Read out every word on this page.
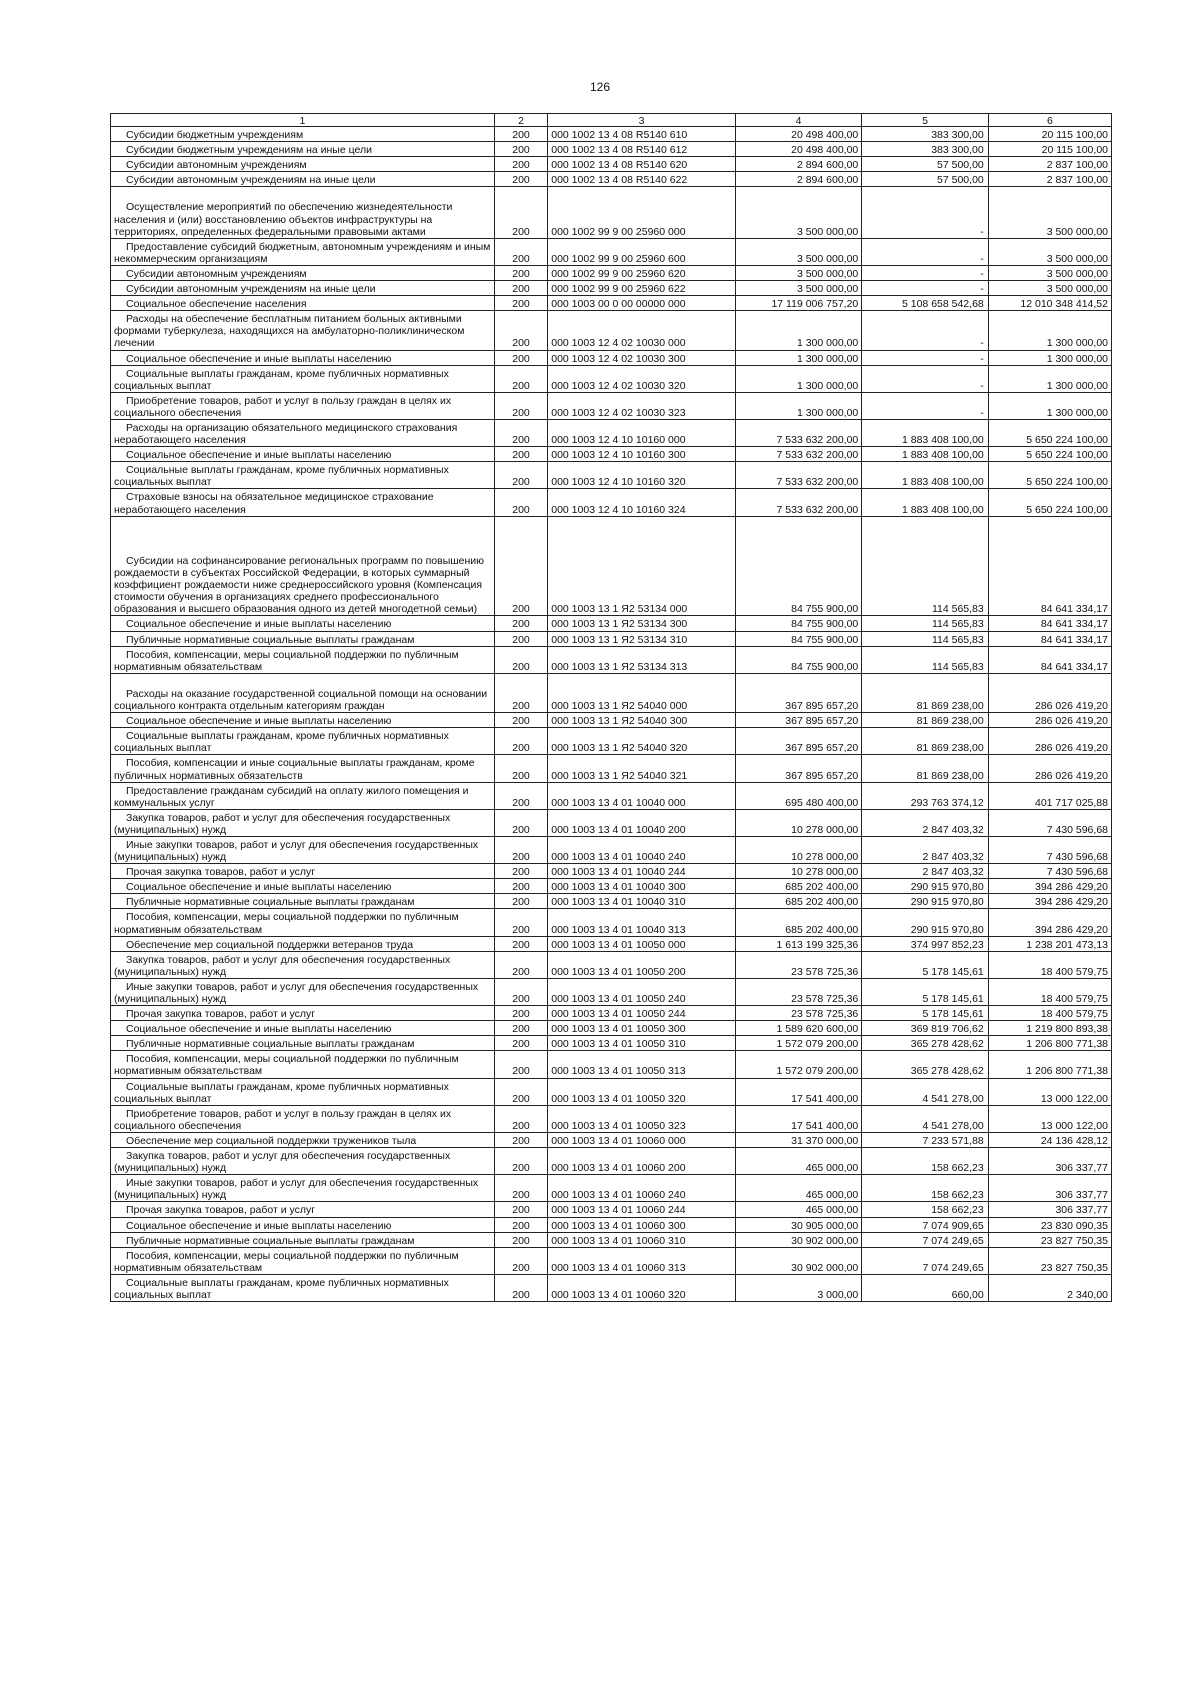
126
1	2	3	4	5	6
Субсидии бюджетным учреждениям	200	000 1002 13 4 08 R5140 610	20 498 400,00	383 300,00	20 115 100,00
Субсидии бюджетным учреждениям на иные цели	200	000 1002 13 4 08 R5140 612	20 498 400,00	383 300,00	20 115 100,00
Субсидии автономным учреждениям	200	000 1002 13 4 08 R5140 620	2 894 600,00	57 500,00	2 837 100,00
Субсидии автономным учреждениям на иные цели	200	000 1002 13 4 08 R5140 622	2 894 600,00	57 500,00	2 837 100,00
Осуществление мероприятий по обеспечению жизнедеятельности населения и (или) восстановлению объектов инфраструктуры на территориях, определенных федеральными правовыми актами	200	000 1002 99 9 00 25960 000	3 500 000,00	-	3 500 000,00
Предоставление субсидий бюджетным, автономным учреждениям и иным некоммерческим организациям	200	000 1002 99 9 00 25960 600	3 500 000,00	-	3 500 000,00
Субсидии автономным учреждениям	200	000 1002 99 9 00 25960 620	3 500 000,00	-	3 500 000,00
Субсидии автономным учреждениям на иные цели	200	000 1002 99 9 00 25960 622	3 500 000,00	-	3 500 000,00
Социальное обеспечение населения	200	000 1003 00 0 00 00000 000	17 119 006 757,20	5 108 658 542,68	12 010 348 414,52
Расходы на обеспечение бесплатным питанием больных активными формами туберкулеза, находящихся на амбулаторно-поликлиническом лечении	200	000 1003 12 4 02 10030 000	1 300 000,00	-	1 300 000,00
Социальное обеспечение и иные выплаты населению	200	000 1003 12 4 02 10030 300	1 300 000,00	-	1 300 000,00
Социальные выплаты гражданам, кроме публичных нормативных социальных выплат	200	000 1003 12 4 02 10030 320	1 300 000,00	-	1 300 000,00
Приобретение товаров, работ и услуг в пользу граждан в целях их социального обеспечения	200	000 1003 12 4 02 10030 323	1 300 000,00	-	1 300 000,00
Расходы на организацию обязательного медицинского страхования неработающего населения	200	000 1003 12 4 10 10160 000	7 533 632 200,00	1 883 408 100,00	5 650 224 100,00
Социальное обеспечение и иные выплаты населению	200	000 1003 12 4 10 10160 300	7 533 632 200,00	1 883 408 100,00	5 650 224 100,00
Социальные выплаты гражданам, кроме публичных нормативных социальных выплат	200	000 1003 12 4 10 10160 320	7 533 632 200,00	1 883 408 100,00	5 650 224 100,00
Страховые взносы на обязательное медицинское страхование неработающего населения	200	000 1003 12 4 10 10160 324	7 533 632 200,00	1 883 408 100,00	5 650 224 100,00
Субсидии на софинансирование региональных программ по повышению рождаемости в субъектах Российской Федерации, в которых суммарный коэффициент рождаемости ниже среднероссийского уровня (Компенсация стоимости обучения в организациях среднего профессионального образования и высшего образования одного из детей многодетной семьи)	200	000 1003 13 1 Я2 53134 000	84 755 900,00	114 565,83	84 641 334,17
Социальное обеспечение и иные выплаты населению	200	000 1003 13 1 Я2 53134 300	84 755 900,00	114 565,83	84 641 334,17
Публичные нормативные социальные выплаты гражданам	200	000 1003 13 1 Я2 53134 310	84 755 900,00	114 565,83	84 641 334,17
Пособия, компенсации, меры социальной поддержки по публичным нормативным обязательствам	200	000 1003 13 1 Я2 53134 313	84 755 900,00	114 565,83	84 641 334,17
Расходы на оказание государственной социальной помощи на основании социального контракта отдельным категориям граждан	200	000 1003 13 1 Я2 54040 000	367 895 657,20	81 869 238,00	286 026 419,20
Социальное обеспечение и иные выплаты населению	200	000 1003 13 1 Я2 54040 300	367 895 657,20	81 869 238,00	286 026 419,20
Социальные выплаты гражданам, кроме публичных нормативных социальных выплат	200	000 1003 13 1 Я2 54040 320	367 895 657,20	81 869 238,00	286 026 419,20
Пособия, компенсации и иные социальные выплаты гражданам, кроме публичных нормативных обязательств	200	000 1003 13 1 Я2 54040 321	367 895 657,20	81 869 238,00	286 026 419,20
Предоставление гражданам субсидий на оплату жилого помещения и коммунальных услуг	200	000 1003 13 4 01 10040 000	695 480 400,00	293 763 374,12	401 717 025,88
Закупка товаров, работ и услуг для обеспечения государственных (муниципальных) нужд	200	000 1003 13 4 01 10040 200	10 278 000,00	2 847 403,32	7 430 596,68
Иные закупки товаров, работ и услуг для обеспечения государственных (муниципальных) нужд	200	000 1003 13 4 01 10040 240	10 278 000,00	2 847 403,32	7 430 596,68
Прочая закупка товаров, работ и услуг	200	000 1003 13 4 01 10040 244	10 278 000,00	2 847 403,32	7 430 596,68
Социальное обеспечение и иные выплаты населению	200	000 1003 13 4 01 10040 300	685 202 400,00	290 915 970,80	394 286 429,20
Публичные нормативные социальные выплаты гражданам	200	000 1003 13 4 01 10040 310	685 202 400,00	290 915 970,80	394 286 429,20
Пособия, компенсации, меры социальной поддержки по публичным нормативным обязательствам	200	000 1003 13 4 01 10040 313	685 202 400,00	290 915 970,80	394 286 429,20
Обеспечение мер социальной поддержки ветеранов труда	200	000 1003 13 4 01 10050 000	1 613 199 325,36	374 997 852,23	1 238 201 473,13
Закупка товаров, работ и услуг для обеспечения государственных (муниципальных) нужд	200	000 1003 13 4 01 10050 200	23 578 725,36	5 178 145,61	18 400 579,75
Иные закупки товаров, работ и услуг для обеспечения государственных (муниципальных) нужд	200	000 1003 13 4 01 10050 240	23 578 725,36	5 178 145,61	18 400 579,75
Прочая закупка товаров, работ и услуг	200	000 1003 13 4 01 10050 244	23 578 725,36	5 178 145,61	18 400 579,75
Социальное обеспечение и иные выплаты населению	200	000 1003 13 4 01 10050 300	1 589 620 600,00	369 819 706,62	1 219 800 893,38
Публичные нормативные социальные выплаты гражданам	200	000 1003 13 4 01 10050 310	1 572 079 200,00	365 278 428,62	1 206 800 771,38
Пособия, компенсации, меры социальной поддержки по публичным нормативным обязательствам	200	000 1003 13 4 01 10050 313	1 572 079 200,00	365 278 428,62	1 206 800 771,38
Социальные выплаты гражданам, кроме публичных нормативных социальных выплат	200	000 1003 13 4 01 10050 320	17 541 400,00	4 541 278,00	13 000 122,00
Приобретение товаров, работ и услуг в пользу граждан в целях их социального обеспечения	200	000 1003 13 4 01 10050 323	17 541 400,00	4 541 278,00	13 000 122,00
Обеспечение мер социальной поддержки тружеников тыла	200	000 1003 13 4 01 10060 000	31 370 000,00	7 233 571,88	24 136 428,12
Закупка товаров, работ и услуг для обеспечения государственных (муниципальных) нужд	200	000 1003 13 4 01 10060 200	465 000,00	158 662,23	306 337,77
Иные закупки товаров, работ и услуг для обеспечения государственных (муниципальных) нужд	200	000 1003 13 4 01 10060 240	465 000,00	158 662,23	306 337,77
Прочая закупка товаров, работ и услуг	200	000 1003 13 4 01 10060 244	465 000,00	158 662,23	306 337,77
Социальное обеспечение и иные выплаты населению	200	000 1003 13 4 01 10060 300	30 905 000,00	7 074 909,65	23 830 090,35
Публичные нормативные социальные выплаты гражданам	200	000 1003 13 4 01 10060 310	30 902 000,00	7 074 249,65	23 827 750,35
Пособия, компенсации, меры социальной поддержки по публичным нормативным обязательствам	200	000 1003 13 4 01 10060 313	30 902 000,00	7 074 249,65	23 827 750,35
Социальные выплаты гражданам, кроме публичных нормативных социальных выплат	200	000 1003 13 4 01 10060 320	3 000,00	660,00	2 340,00
